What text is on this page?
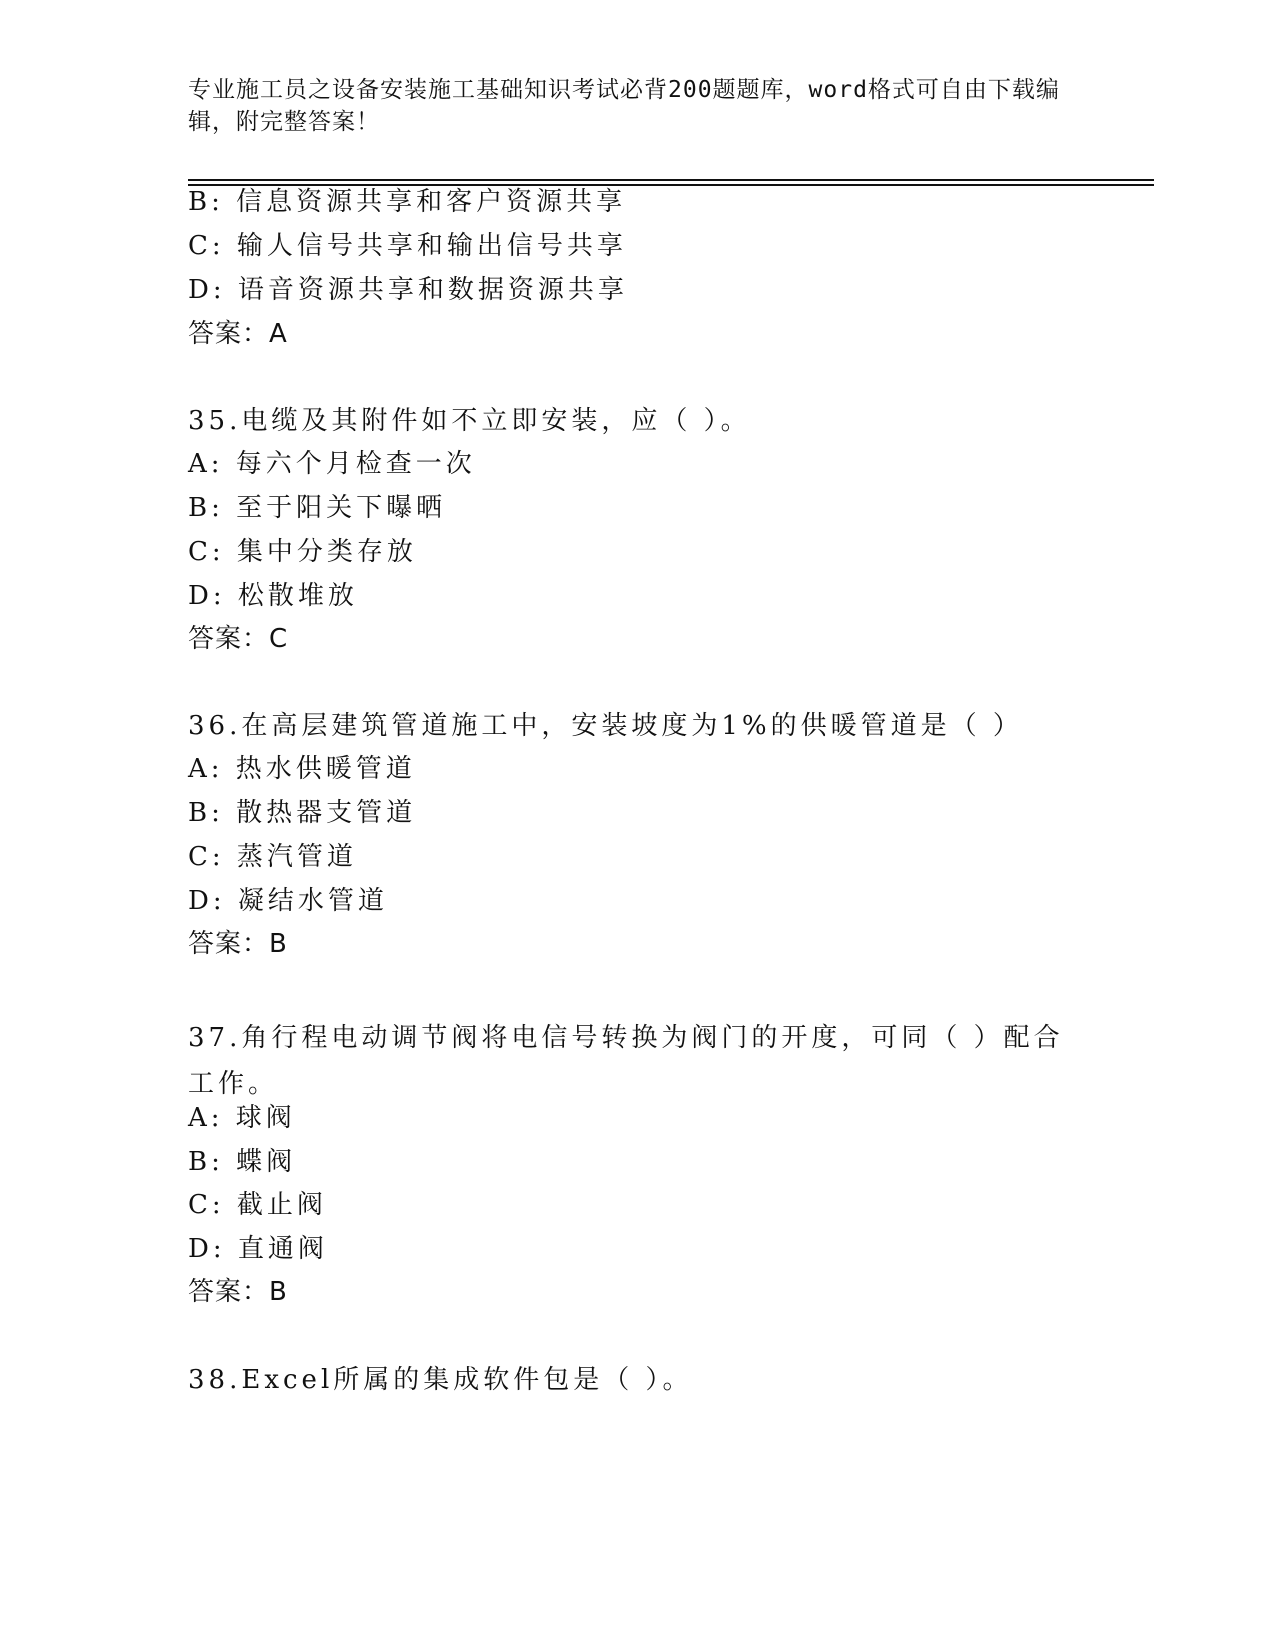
专业施工员之设备安装施工基础知识考试必背200题题库，word格式可自由下载编辑，附完整答案！
B: 信息资源共享和客户资源共享
C: 输人信号共享和输出信号共享
D: 语音资源共享和数据资源共享
答案：A
35.电缆及其附件如不立即安装，应（ ）。
A: 每六个月检查一次
B: 至于阳关下曝晒
C: 集中分类存放
D: 松散堆放
答案：C
36.在高层建筑管道施工中，安装坡度为1%的供暖管道是（ ）
A: 热水供暖管道
B: 散热器支管道
C: 蒸汽管道
D: 凝结水管道
答案：B
37.角行程电动调节阀将电信号转换为阀门的开度，可同（ ）配合工作。
A: 球阀
B: 蝶阀
C: 截止阀
D: 直通阀
答案：B
38.Excel所属的集成软件包是（ ）。
